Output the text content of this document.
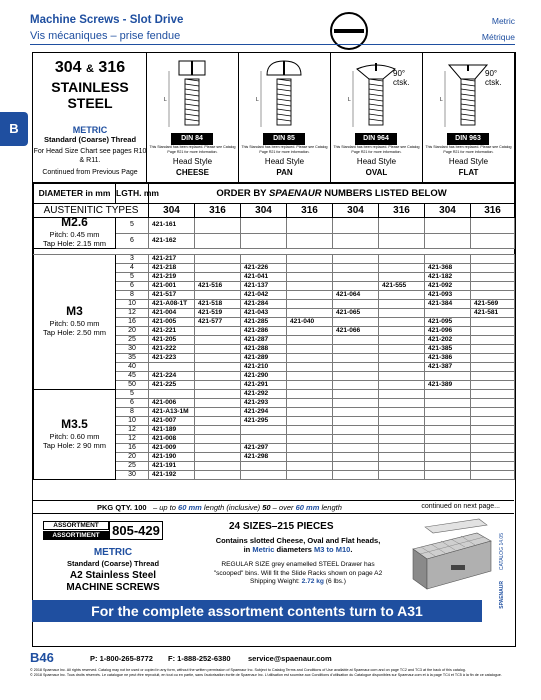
Machine Screws - Slot Drive
Vis mécaniques – prise fendue
Metric
Métrique
B
304 & 316
STAINLESS
STEEL
METRIC
Standard (Coarse) Thread
For Head Size Chart see pages R10 & R11.
Continued from Previous Page
L
DIN 84
This Standard has been replaced. Please see Catalog Page R21 for more information.
Head Style
CHEESE
L
DIN 85
This Standard has been replaced. Please see Catalog Page R21 for more information.
Head Style
PAN
L
DIN 964
This Standard has been replaced. Please see Catalog Page R21 for more information.
Head Style
OVAL
90° ctsk.
L
DIN 963
This Standard has been replaced. Please see Catalog Page R21 for more information.
Head Style
FLAT
90° ctsk.
DIAMETER in mm	LGTH. mm	ORDER BY SPAENAUR NUMBERS LISTED BELOW							
AUSTENITIC TYPES		304	316	304	316	304	316	304	316

M2.6
Pitch: 0.45 mm
Tap Hole: 2.15 mm	5	421-161							
	6	421-162							

M3
Pitch: 0.50 mm
Tap Hole: 2.50 mm	3	421-217							
	4	421-218		421-226				421-368	
	5	421-219		421-041				421-182	
	6	421-001	421-516	421-137			421-555	421-092	
	8	421-517		421-042		421-064		421-093	
	10	421-A08-1T	421-518	421-284				421-384	421-569
	12	421-004	421-519	421-043		421-065			421-581
	16	421-005	421-577	421-285	421-040			421-095	
	20	421-221		421-286		421-066		421-096	
	25	421-205		421-287				421-202	
	30	421-222		421-288				421-385	
	35	421-223		421-289				421-386	
	40			421-210				421-387	
	45	421-224		421-290					
	50	421-225		421-291				421-389	

M3.5
Pitch: 0.60 mm
Tap Hole: 2 90 mm	5			421-292					
	6	421-006		421-293					
	8	421-A13-1M		421-294					
	10	421-007		421-295					
	12	421-189							
	12	421-008							
	16	421-009		421-297					
	20	421-190		421-298					
	25	421-191							
	30	421-192							
PKG QTY. 100 – up to 60 mm length (inclusive) 50 – over 60 mm length	continued on next page...
ASSORTMENT
ASSORTIMENT 805-429
METRIC
Standard (Coarse) Thread
A2 Stainless Steel
MACHINE SCREWS
24 SIZES–215 PIECES
Contains slotted Cheese, Oval and Flat heads,
in Metric diameters M3 to M10.
REGULAR SIZE grey enamelled STEEL Drawer has
"scooped" bins. Will fit the Slide Racks shown on page A2
Shipping Weight: 2.72 kg (6 lbs.)
CATALOG 14.05
SPAENAUR
For the complete assortment contents turn to A31
B46	P: 1-800-265-8772 F: 1-888-252-6380 service@spaenaur.com
© 2018 Spaenaur Inc. All rights reserved. Catalog may not be used or copied in any form, without the written permission of Spaenaur Inc. Subject to Catalog Terms and Conditions of Use available at Spaenaur.com and on page TC2 and TC3 at the back of this catalog.
© 2018 Spaenaur Inc. Tous droits réservés. Le catalogue ne peut être reproduit, en tout ou en partie, sans l'autorisation écrite de Spaenaur Inc. L'utilisation est soumise aux Conditions d'utilisation du Catalogue disponibles sur Spaenaur.com et à la page TC4 et TC5 à la fin de ce catalogue.
